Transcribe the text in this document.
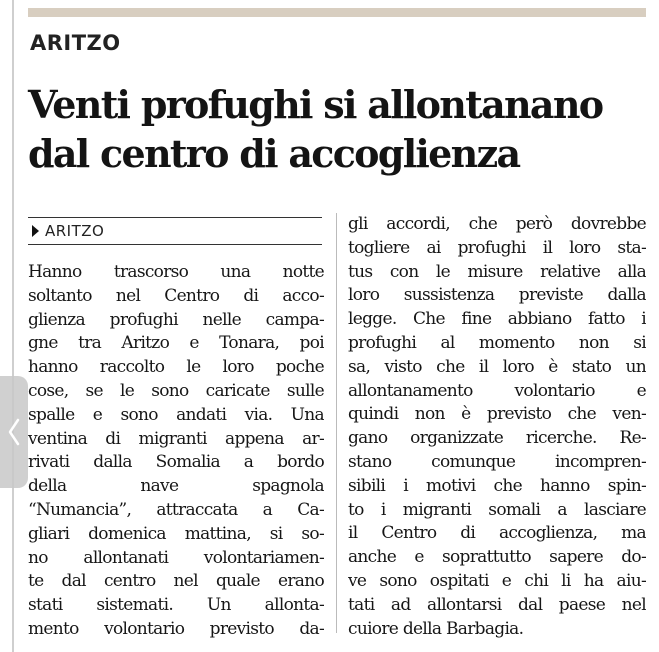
ARITZO
Venti profughi si allontanano
dal centro di accoglienza
ARITZO
Hanno trascorso una notte
soltanto nel Centro di acco-
glienza profughi nelle campa-
gne tra Aritzo e Tonara, poi
hanno raccolto le loro poche
cose, se le sono caricate sulle
spalle e sono andati via. Una
ventina di migranti appena ar-
rivati dalla Somalia a bordo
della nave spagnola
“Numancia”, attraccata a Ca-
gliari domenica mattina, si so-
no allontanati volontariamen-
te dal centro nel quale erano
stati sistemati. Un allonta-
mento volontario previsto da-
gli accordi, che però dovrebbe
togliere ai profughi il loro sta-
tus con le misure relative alla
loro sussistenza previste dalla
legge. Che fine abbiano fatto i
profughi al momento non si
sa, visto che il loro è stato un
allontanamento volontario e
quindi non è previsto che ven-
gano organizzate ricerche. Re-
stano comunque incompren-
sibili i motivi che hanno spin-
to i migranti somali a lasciare
il Centro di accoglienza, ma
anche e soprattutto sapere do-
ve sono ospitati e chi li ha aiu-
tati ad allontarsi dal paese nel
cuiore della Barbagia.
